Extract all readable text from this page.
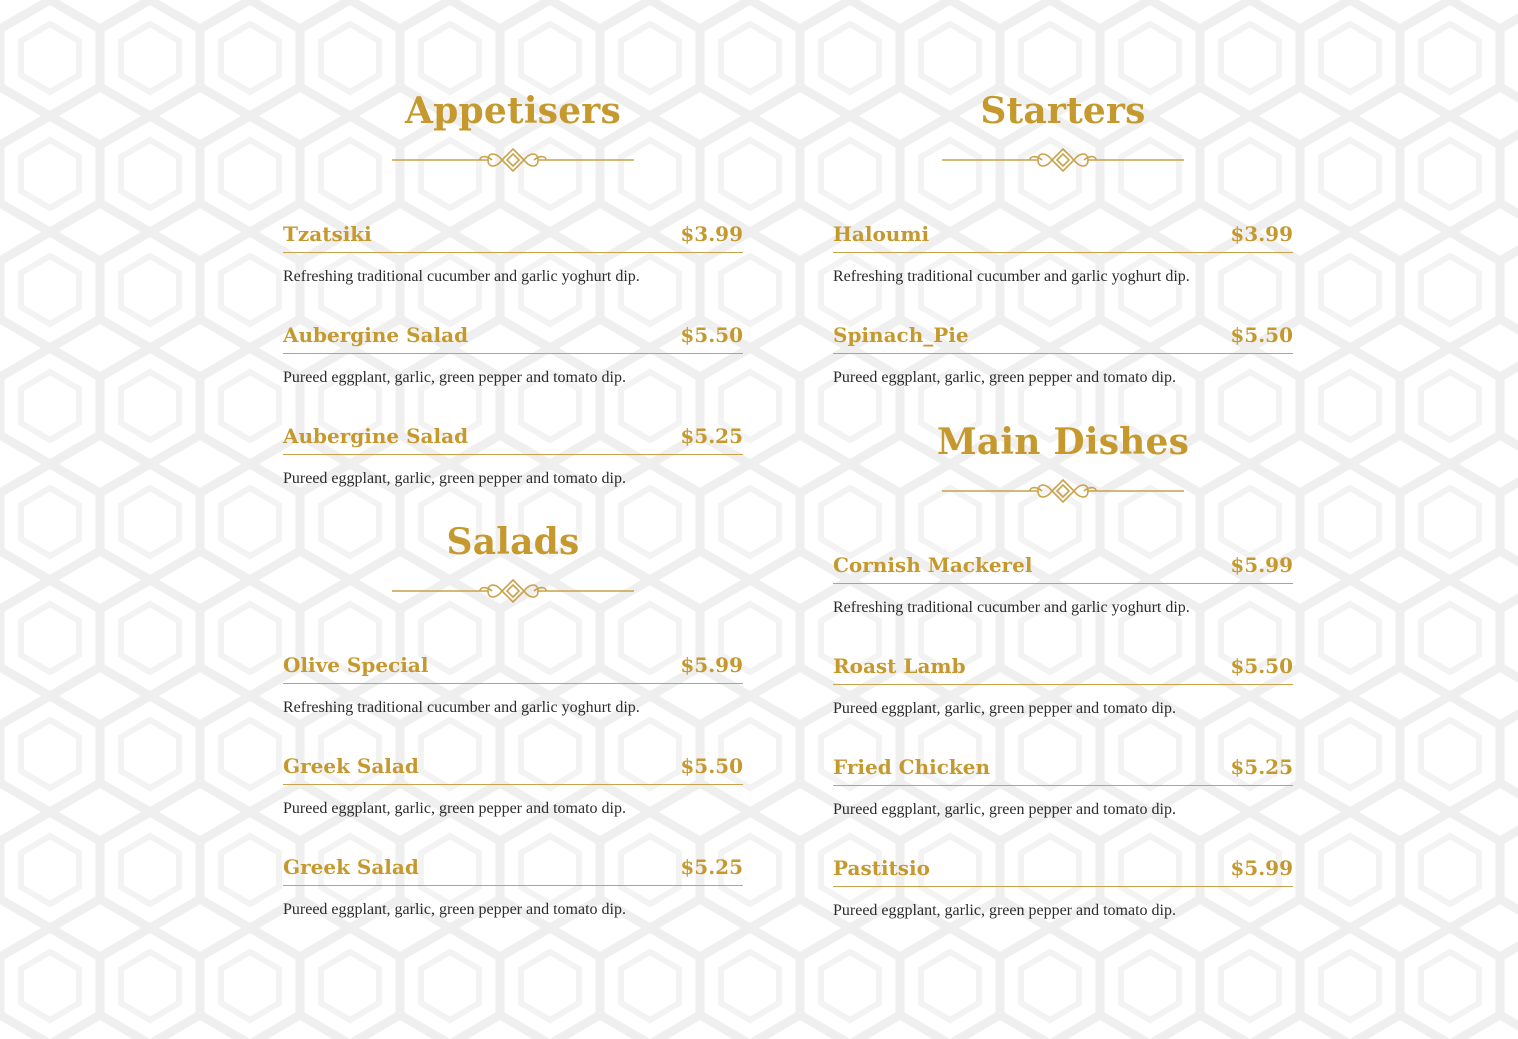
Appetisers
Tzatsiki	$3.99
Refreshing traditional cucumber and garlic yoghurt dip.
Aubergine Salad	$5.50
Pureed eggplant, garlic, green pepper and tomato dip.
Aubergine Salad	$5.25
Pureed eggplant, garlic, green pepper and tomato dip.
Salads
Olive Special	$5.99
Refreshing traditional cucumber and garlic yoghurt dip.
Greek Salad	$5.50
Pureed eggplant, garlic, green pepper and tomato dip.
Greek Salad	$5.25
Pureed eggplant, garlic, green pepper and tomato dip.
Starters
Haloumi	$3.99
Refreshing traditional cucumber and garlic yoghurt dip.
Spinach_Pie	$5.50
Pureed eggplant, garlic, green pepper and tomato dip.
Main Dishes
Cornish Mackerel	$5.99
Refreshing traditional cucumber and garlic yoghurt dip.
Roast Lamb	$5.50
Pureed eggplant, garlic, green pepper and tomato dip.
Fried Chicken	$5.25
Pureed eggplant, garlic, green pepper and tomato dip.
Pastitsio	$5.99
Pureed eggplant, garlic, green pepper and tomato dip.
